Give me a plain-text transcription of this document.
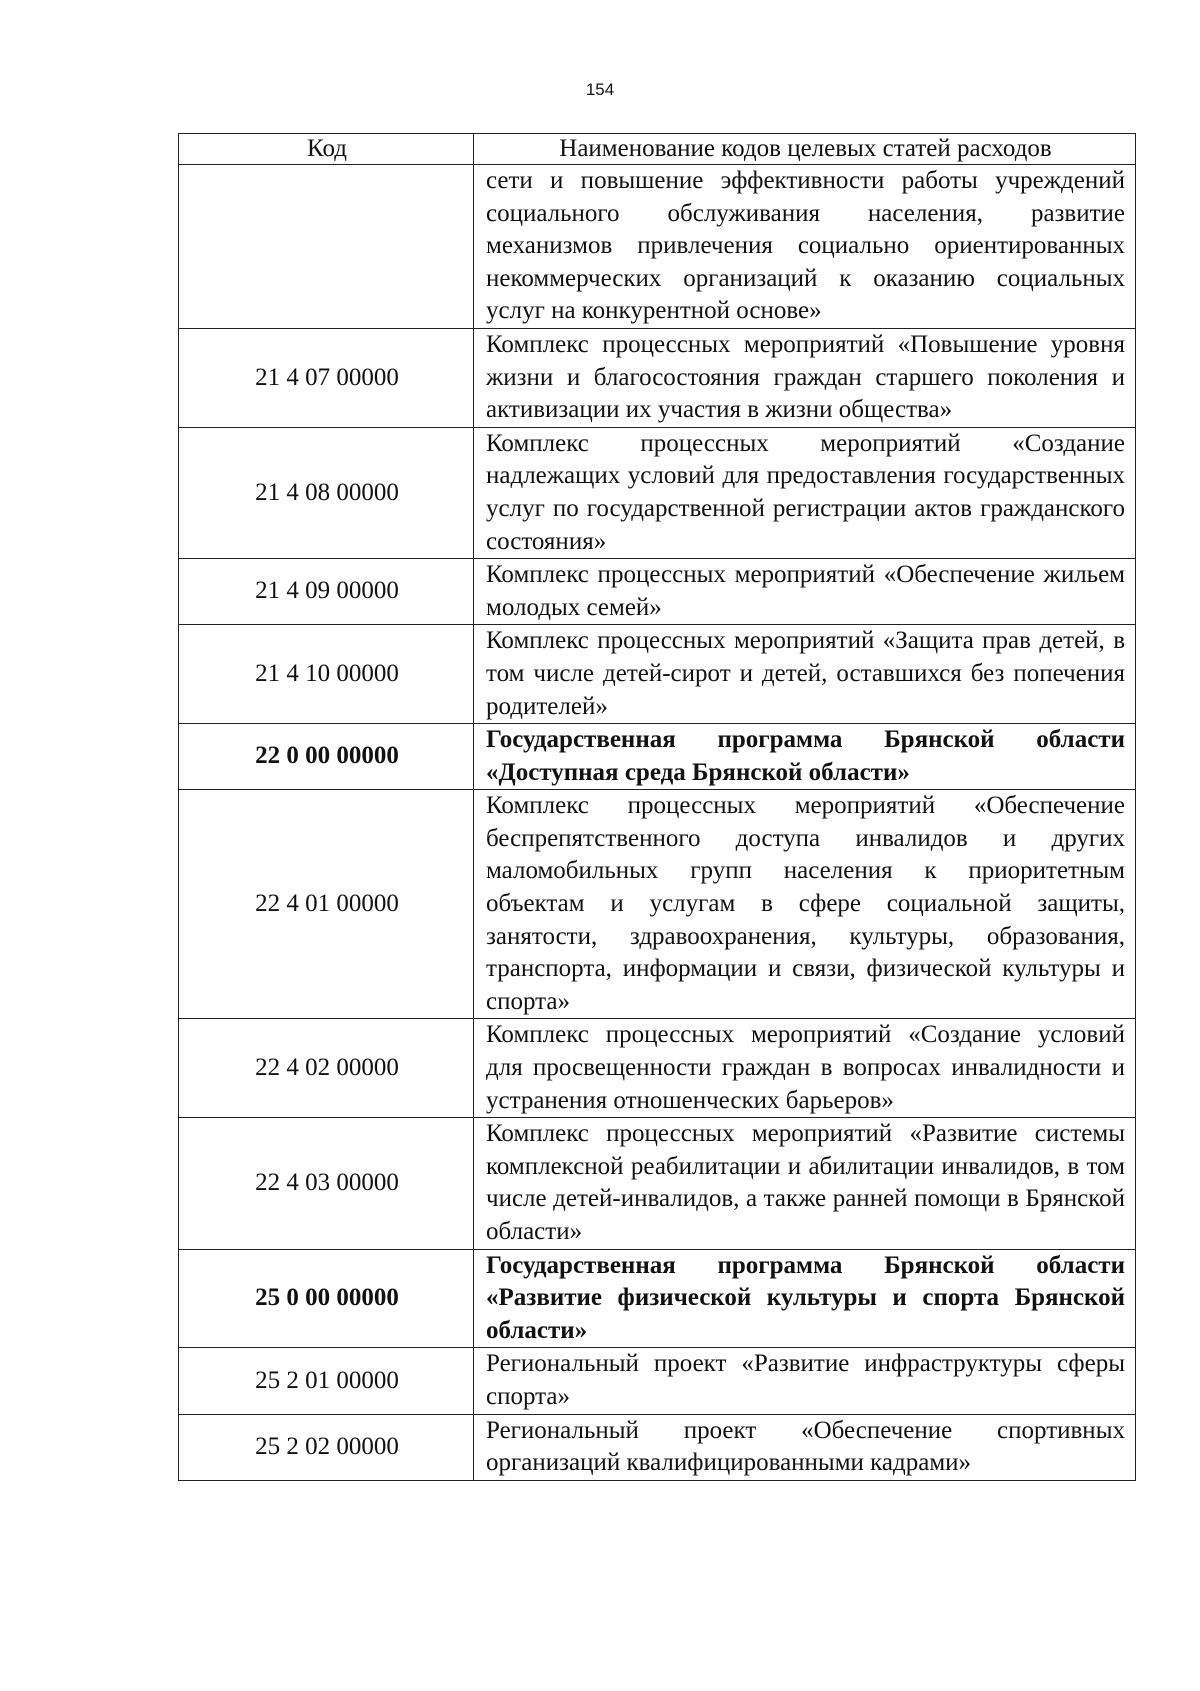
154
Код	Наименование кодов целевых статей расходов
	сети и повышение эффективности работы учреждений социального обслуживания населения, развитие механизмов привлечения социально ориентированных некоммерческих организаций к оказанию социальных услуг на конкурентной основе»
21 4 07 00000	Комплекс процессных мероприятий «Повышение уровня жизни и благосостояния граждан старшего поколения и активизации их участия в жизни общества»
21 4 08 00000	Комплекс процессных мероприятий «Создание надлежащих условий для предоставления государственных услуг по государственной регистрации актов гражданского состояния»
21 4 09 00000	Комплекс процессных мероприятий «Обеспечение жильем молодых семей»
21 4 10 00000	Комплекс процессных мероприятий «Защита прав детей, в том числе детей-сирот и детей, оставшихся без попечения родителей»
22 0 00 00000	Государственная программа Брянской области «Доступная среда Брянской области»
22 4 01 00000	Комплекс процессных мероприятий «Обеспечение беспрепятственного доступа инвалидов и других маломобильных групп населения к приоритетным объектам и услугам в сфере социальной защиты, занятости, здравоохранения, культуры, образования, транспорта, информации и связи, физической культуры и спорта»
22 4 02 00000	Комплекс процессных мероприятий «Создание условий для просвещенности граждан в вопросах инвалидности и устранения отношенческих барьеров»
22 4 03 00000	Комплекс процессных мероприятий «Развитие системы комплексной реабилитации и абилитации инвалидов, в том числе детей-инвалидов, а также ранней помощи в Брянской области»
25 0 00 00000	Государственная программа Брянской области «Развитие физической культуры и спорта Брянской области»
25 2 01 00000	Региональный проект «Развитие инфраструктуры сферы спорта»
25 2 02 00000	Региональный проект «Обеспечение спортивных организаций квалифицированными кадрами»
